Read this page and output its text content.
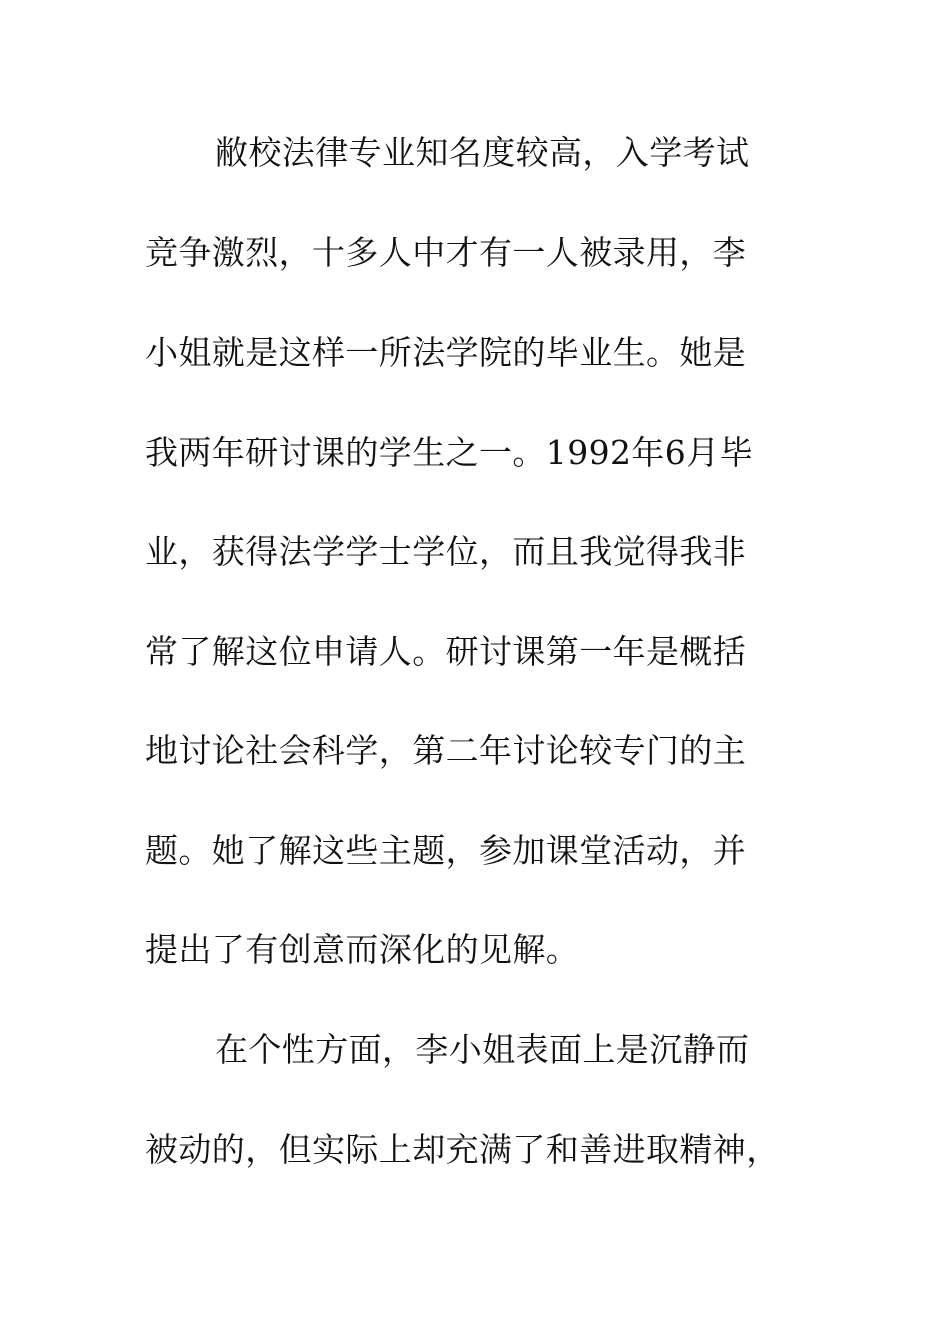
敝校法律专业知名度较高，入学考试
竞争激烈，十多人中才有一人被录用，李
小姐就是这样一所法学院的毕业生。她是
我两年研讨课的学生之一。1992年6月毕
业，获得法学学士学位，而且我觉得我非
常了解这位申请人。研讨课第一年是概括
地讨论社会科学，第二年讨论较专门的主
题。她了解这些主题，参加课堂活动，并
提出了有创意而深化的见解。
在个性方面，李小姐表面上是沉静而
被动的，但实际上却充满了和善进取精神，
